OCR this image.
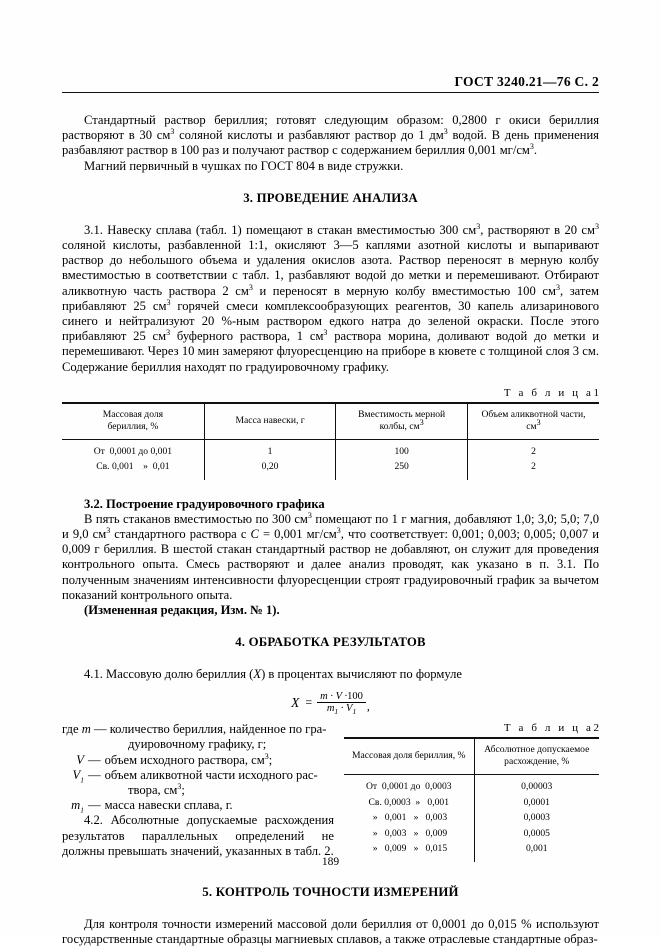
ГОСТ 3240.21—76 С. 2

Стандартный раствор бериллия; готовят следующим образом: 0,2800 г окиси бериллия растворяют в 30 $см^3$ соляной кислоты и разбавляют раствор до 1 $дм^3$ водой. В день применения разбавляют раствор в 100 раз и получают раствор с содержанием бериллия 0,001 $мг/см^3$.

Магний первичный в чушках по ГОСТ 804 в виде стружки.

3. ПРОВЕДЕНИЕ АНАЛИЗА

3.1. Навеску сплава (табл. 1) помещают в стакан вместимостью 300 $см^3$, растворяют в 20 $см^3$ соляной кислоты, разбавленной 1:1, окисляют 3—5 каплями азотной кислоты и выпаривают раствор до небольшого объема и удаления окислов азота. Раствор переносят в мерную колбу вместимостью в соответствии с табл. 1, разбавляют водой до метки и перемешивают. Отбирают аликвотную часть раствора 2 $см^3$ и переносят в мерную колбу вместимостью 100 $см^3$, затем прибавляют 25 $см^3$ горячей смеси комплексообразующих реагентов, 30 капель ализаринового синего и нейтрализуют 20 %-ным раствором едкого натра до зеленой окраски. После этого прибавляют 25 $см^3$ буферного раствора, 1 $см^3$ раствора морина, доливают водой до метки и перемешивают. Через 10 мин замеряют флуоресценцию на приборе в кювете с толщиной слоя 3 см. Содержание бериллия находят по градуировочному графику.

Т а б л и ц а1
Массовая доля
бериллия, %	Масса навески, г	Вместимость мерной
колбы, $см^3$	Объем аликвотной части,
$см^3$
От  0,0001 до 0,001	1	100	2
Св. 0,001    »  0,01	0,20	250	2

3.2. Построение градуировочного графика

В пять стаканов вместимостью по 300 $см^3$ помещают по 1 г магния, добавляют 1,0; 3,0; 5,0; 7,0 и 9,0 $см^3$ стандартного раствора с C = 0,001 $мг/см^3$, что соответствует: 0,001; 0,003; 0,005; 0,007 и 0,009 г бериллия. В шестой стакан стандартный раствор не добавляют, он служит для проведения контрольного опыта. Смесь растворяют и далее анализ проводят, как указано в п. 3.1. По полученным значениям интенсивности флуоресценции строят градуировочный график за вычетом показаний контрольного опыта.

(Измененная редакция, Изм. № 1).

4. ОБРАБОТКА РЕЗУЛЬТАТОВ

4.1. Массовую долю бериллия (X) в процентах вычисляют по формуле

$X = \frac{m \cdot V \cdot 100}{m_1 \cdot V_1}$ ,

где m — количество бериллия, найденное по гра-

дуировочному графику, г;

V — объем исходного раствора, $см^3$;

$V_1$ — объем аликвотной части исходного рас-

твора, $см^3$;

$m_1$ — масса навески сплава, г.

4.2. Абсолютные допускаемые расхождения результатов параллельных определений не должны превышать значений, указанных в табл. 2.

Т а б л и ц а2
Массовая доля бериллия, %	Абсолютное допускаемое
расхождение, %
От  0,0001 до  0,0003	0,00003
Св. 0,0003  »   0,001	0,0001
»   0,001   »   0,003	0,0003
»   0,003   »   0,009	0,0005
»   0,009   »   0,015	0,001
5. КОНТРОЛЬ ТОЧНОСТИ ИЗМЕРЕНИЙ

Для контроля точности измерений массовой доли бериллия от 0,0001 до 0,015 % используют государственные стандартные образцы магниевых сплавов, а также отраслевые стандартные образ-

189
